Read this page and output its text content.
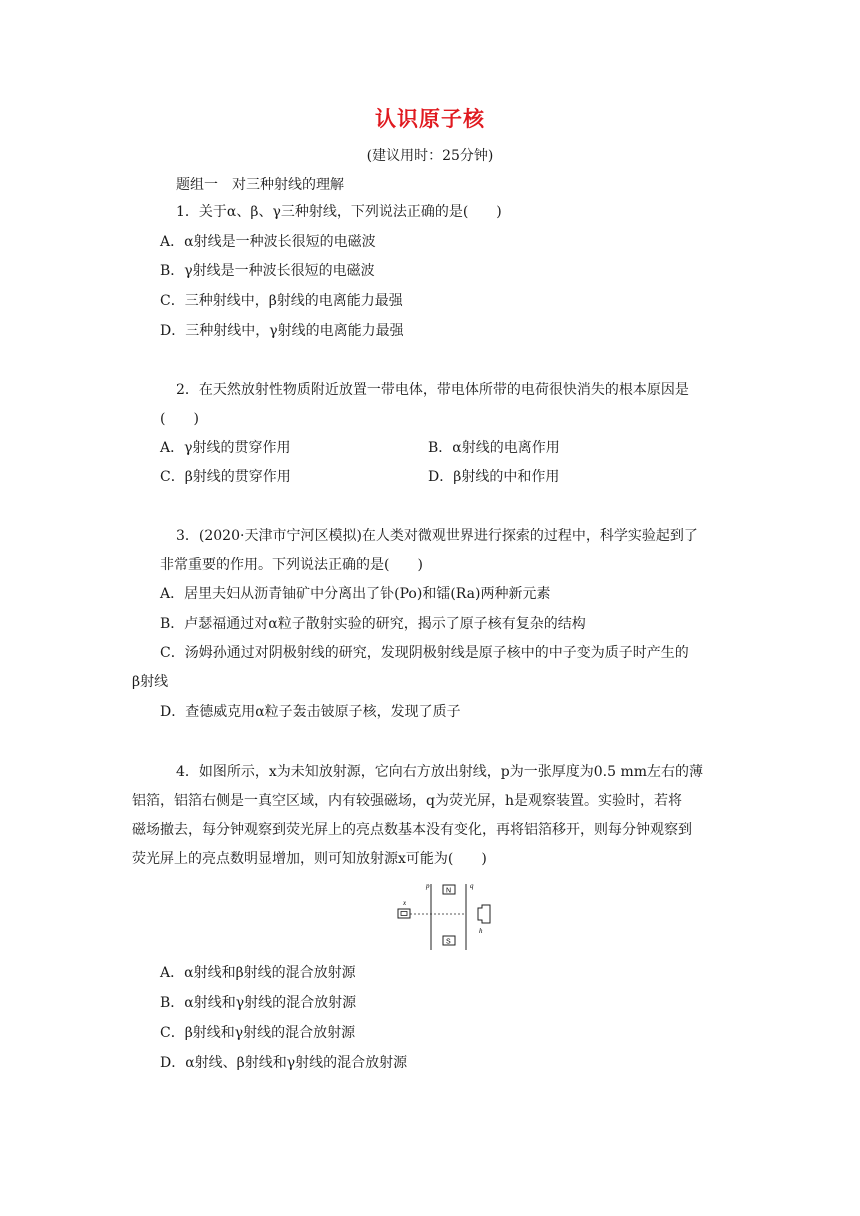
认识原子核
(建议用时：25分钟)
题组一　对三种射线的理解
1．关于α、β、γ三种射线，下列说法正确的是(　　)
A．α射线是一种波长很短的电磁波
B．γ射线是一种波长很短的电磁波
C．三种射线中，β射线的电离能力最强
D．三种射线中，γ射线的电离能力最强
2．在天然放射性物质附近放置一带电体，带电体所带的电荷很快消失的根本原因是
(　　)
A．γ射线的贯穿作用	B．α射线的电离作用
C．β射线的贯穿作用	D．β射线的中和作用
3．(2020·天津市宁河区模拟)在人类对微观世界进行探索的过程中，科学实验起到了
非常重要的作用。下列说法正确的是(　　)
A．居里夫妇从沥青铀矿中分离出了钋(Po)和镭(Ra)两种新元素
B．卢瑟福通过对α粒子散射实验的研究，揭示了原子核有复杂的结构
C．汤姆孙通过对阴极射线的研究，发现阴极射线是原子核中的中子变为质子时产生的
β射线
D．查德威克用α粒子轰击铍原子核，发现了质子
4．如图所示，x为未知放射源，它向右方放出射线，p为一张厚度为0.5 mm左右的薄
铝箔，铝箔右侧是一真空区域，内有较强磁场，q为荧光屏，h是观察装置。实验时，若将
磁场撤去，每分钟观察到荧光屏上的亮点数基本没有变化，再将铝箔移开，则每分钟观察到
荧光屏上的亮点数明显增加，则可知放射源x可能为(　　)
x
p	q
N
S
h
A．α射线和β射线的混合放射源
B．α射线和γ射线的混合放射源
C．β射线和γ射线的混合放射源
D．α射线、β射线和γ射线的混合放射源
